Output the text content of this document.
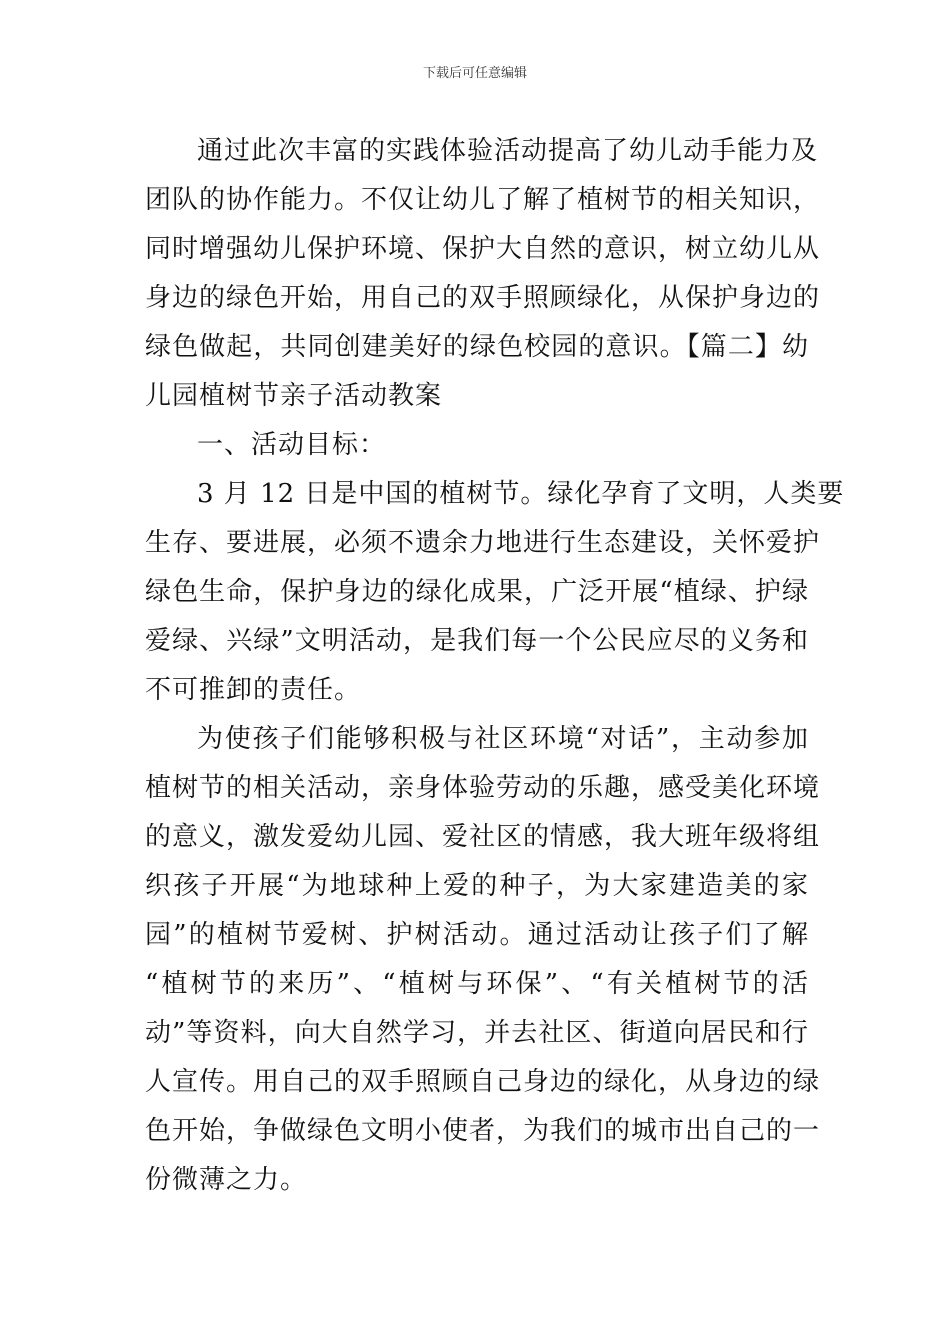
下载后可任意编辑
通过此次丰富的实践体验活动提高了幼儿动手能力及
团队的协作能力。不仅让幼儿了解了植树节的相关知识，
同时增强幼儿保护环境、保护大自然的意识，树立幼儿从
身边的绿色开始，用自己的双手照顾绿化，从保护身边的
绿色做起，共同创建美好的绿色校园的意识。【篇二】幼
儿园植树节亲子活动教案
一、活动目标：
3 月 12 日是中国的植树节。绿化孕育了文明，人类要
生存、要进展，必须不遗余力地进行生态建设，关怀爱护
绿色生命，保护身边的绿化成果，广泛开展“植绿、护绿
爱绿、兴绿”文明活动，是我们每一个公民应尽的义务和
不可推卸的责任。
为使孩子们能够积极与社区环境“对话”，主动参加
植树节的相关活动，亲身体验劳动的乐趣，感受美化环境
的意义，激发爱幼儿园、爱社区的情感，我大班年级将组
织孩子开展“为地球种上爱的种子，为大家建造美的家
园”的植树节爱树、护树活动。通过活动让孩子们了解
“植树节的来历”、“植树与环保”、“有关植树节的活
动”等资料，向大自然学习，并去社区、街道向居民和行
人宣传。用自己的双手照顾自己身边的绿化，从身边的绿
色开始，争做绿色文明小使者，为我们的城市出自己的一
份微薄之力。
